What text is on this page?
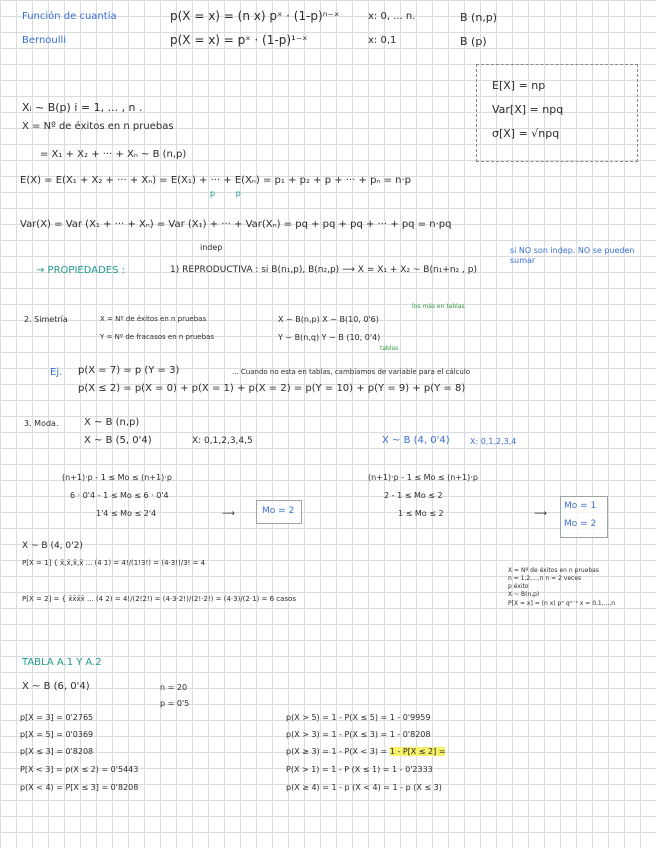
Función de cuantía	p(X = x) = (n x) pˣ · (1-p)ⁿ⁻ˣ	x: 0, ... n.	B (n,p)
Bernoulli	p(X = x) = pˣ · (1-p)¹⁻ˣ	x: 0,1	B (p)
E[X] = np
Var[X] = npq
σ[X] = √npq
Xᵢ ~ B(p) i = 1, ... , n .
X = Nº de éxitos en n pruebas
= X₁ + X₂ + ··· + Xₙ ~ B (n,p)
E(X) = E(X₁ + X₂ + ··· + Xₙ) = E(X₁) + ··· + E(Xₙ) = p₁ + p₂ + p + ··· + pₙ = n·p
p p
Var(X) = Var (X₁ + ··· + Xₙ) = Var (X₁) + ··· + Var(Xₙ) = pq + pq + pq + ··· + pq = n·pq
indep	si NO son indep. NO se pueden sumar
→ PROPIEDADES :	1) REPRODUCTIVA : si B(n₁,p), B(n₂,p) ⟶ X = X₁ + X₂ ~ B(n₁+n₂ , p)
2. Simetría	X = Nº de éxitos en n pruebas	X ~ B(n,p) X ~ B(10, 0'6)
los más en tablas
Y = Nº de fracasos en n pruebas	Y ~ B(n,q) Y ~ B (10, 0'4)
tablas
Ej. p(X = 7) = p (Y = 3)	... Cuando no esta en tablas, cambiamos de variable para el cálculo
p(X ≤ 2) = p(X = 0) + p(X = 1) + p(X = 2) = p(Y = 10) + p(Y = 9) + p(Y = 8)
3. Moda.	X ~ B (n,p)
X ~ B (5, 0'4)	X: 0,1,2,3,4,5	X ~ B (4, 0'4)	X: 0,1,2,3,4
(n+1)·p - 1 ≤ Mo ≤ (n+1)·p
6 · 0'4 - 1 ≤ Mo ≤ 6 · 0'4
1'4 ≤ Mo ≤ 2'4	⟶	Mo = 2
(n+1)·p - 1 ≤ Mo ≤ (n+1)·p
2 - 1 ≤ Mo ≤ 2
1 ≤ Mo ≤ 2	⟶
Mo = 1
Mo = 2
X ~ B (4, 0'2)
P[X = 1] { x̄,x̄,x̄,x̄ ... (4 1) = 4!/(1!3!) = (4·3!)/3! = 4
P[X = 2] = { x̄x̄x̄x̄ ... (4 2) = 4!/(2!2!) = (4·3·2!)/(2!·2!) = (4·3)/(2·1) = 6 casos
X = Nº de éxitos en n pruebas
n = 1,2,...,n n = 2 veces
p éxito
X ~ B(n,p)
P[X = x] = (n x) pˣ qⁿ⁻ˣ x = 0,1,...,n
TABLA A.1 Y A.2
X ~ B (6, 0'4)	n = 20
p = 0'5
p[X = 3] = 0'2765
p[X = 5] = 0'0369
p[X ≤ 3] = 0'8208
P[X < 3] = p(X ≤ 2) = 0'5443
p(X < 4) = P[X ≤ 3] = 0'8208
p(X > 5) = 1 - P(X ≤ 5) = 1 - 0'9959
p(X > 3) = 1 - P(X ≤ 3) = 1 - 0'8208
p(X ≥ 3) = 1 - P(X < 3) = 1 - P[X ≤ 2] =
P(X > 1) = 1 - P (X ≤ 1) = 1 - 0'2333
p(X ≥ 4) = 1 - p (X < 4) = 1 - p (X ≤ 3)
